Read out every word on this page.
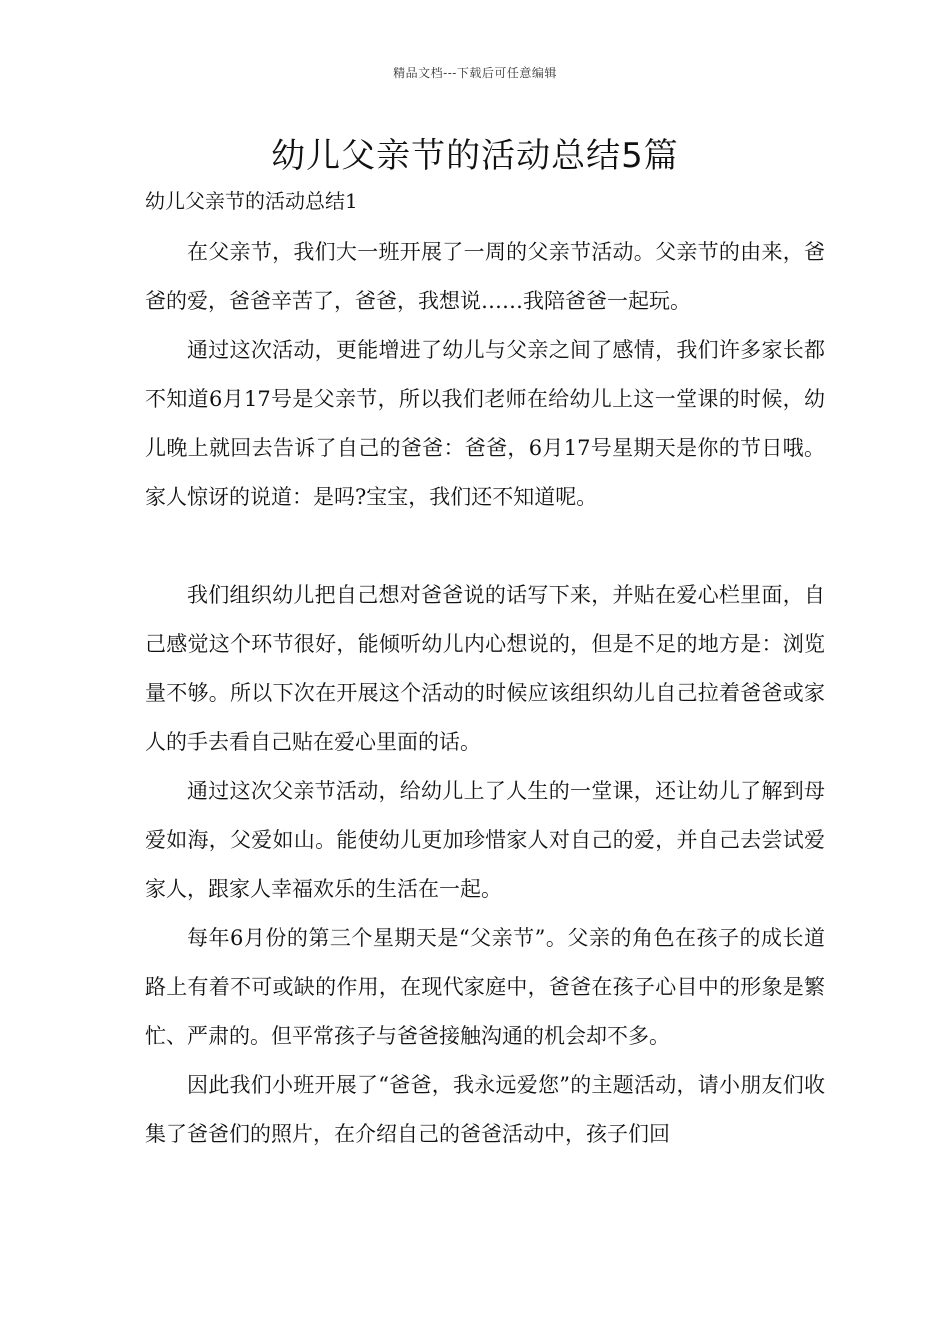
精品文档---下载后可任意编辑
幼儿父亲节的活动总结5篇
幼儿父亲节的活动总结1

在父亲节，我们大一班开展了一周的父亲节活动。父亲节的由来，爸爸的爱，爸爸辛苦了，爸爸，我想说……我陪爸爸一起玩。

通过这次活动，更能增进了幼儿与父亲之间了感情，我们许多家长都不知道6月17号是父亲节，所以我们老师在给幼儿上这一堂课的时候，幼儿晚上就回去告诉了自己的爸爸：爸爸，6月17号星期天是你的节日哦。家人惊讶的说道：是吗?宝宝，我们还不知道呢。

我们组织幼儿把自己想对爸爸说的话写下来，并贴在爱心栏里面，自己感觉这个环节很好，能倾听幼儿内心想说的，但是不足的地方是：浏览量不够。所以下次在开展这个活动的时候应该组织幼儿自己拉着爸爸或家人的手去看自己贴在爱心里面的话。

通过这次父亲节活动，给幼儿上了人生的一堂课，还让幼儿了解到母爱如海，父爱如山。能使幼儿更加珍惜家人对自己的爱，并自己去尝试爱家人，跟家人幸福欢乐的生活在一起。

每年6月份的第三个星期天是“父亲节”。父亲的角色在孩子的成长道路上有着不可或缺的作用，在现代家庭中，爸爸在孩子心目中的形象是繁忙、严肃的。但平常孩子与爸爸接触沟通的机会却不多。

因此我们小班开展了“爸爸，我永远爱您”的主题活动，请小朋友们收集了爸爸们的照片，在介绍自己的爸爸活动中，孩子们回
